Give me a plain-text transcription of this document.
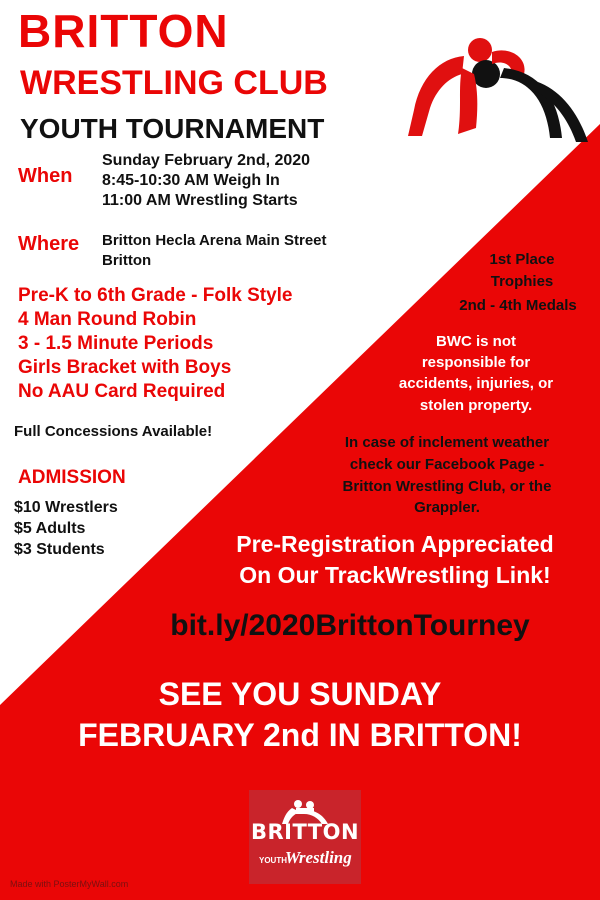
BRITTON
WRESTLING CLUB
YOUTH TOURNAMENT
When
Sunday February 2nd, 2020
8:45-10:30 AM Weigh In
11:00 AM Wrestling Starts
Where Britton Hecla Arena Main Street
Britton
Pre-K to 6th Grade - Folk Style
4 Man Round Robin
3 - 1.5 Minute Periods
Girls Bracket with Boys
No AAU Card Required
Full Concessions Available!
ADMISSION
$10 Wrestlers
$5 Adults
$3 Students
1st Place
Trophies
2nd - 4th Medals
BWC is not
responsible for
accidents, injuries, or
stolen property.
In case of inclement weather
check our Facebook Page -
Britton Wrestling Club, or the
Grappler.
Pre-Registration Appreciated
On Our TrackWrestling Link!
bit.ly/2020BrittonTourney
SEE YOU SUNDAY
FEBRUARY 2nd IN BRITTON!
BRITTON
YOUTH
Wrestling
Made with PosterMyWall.com
